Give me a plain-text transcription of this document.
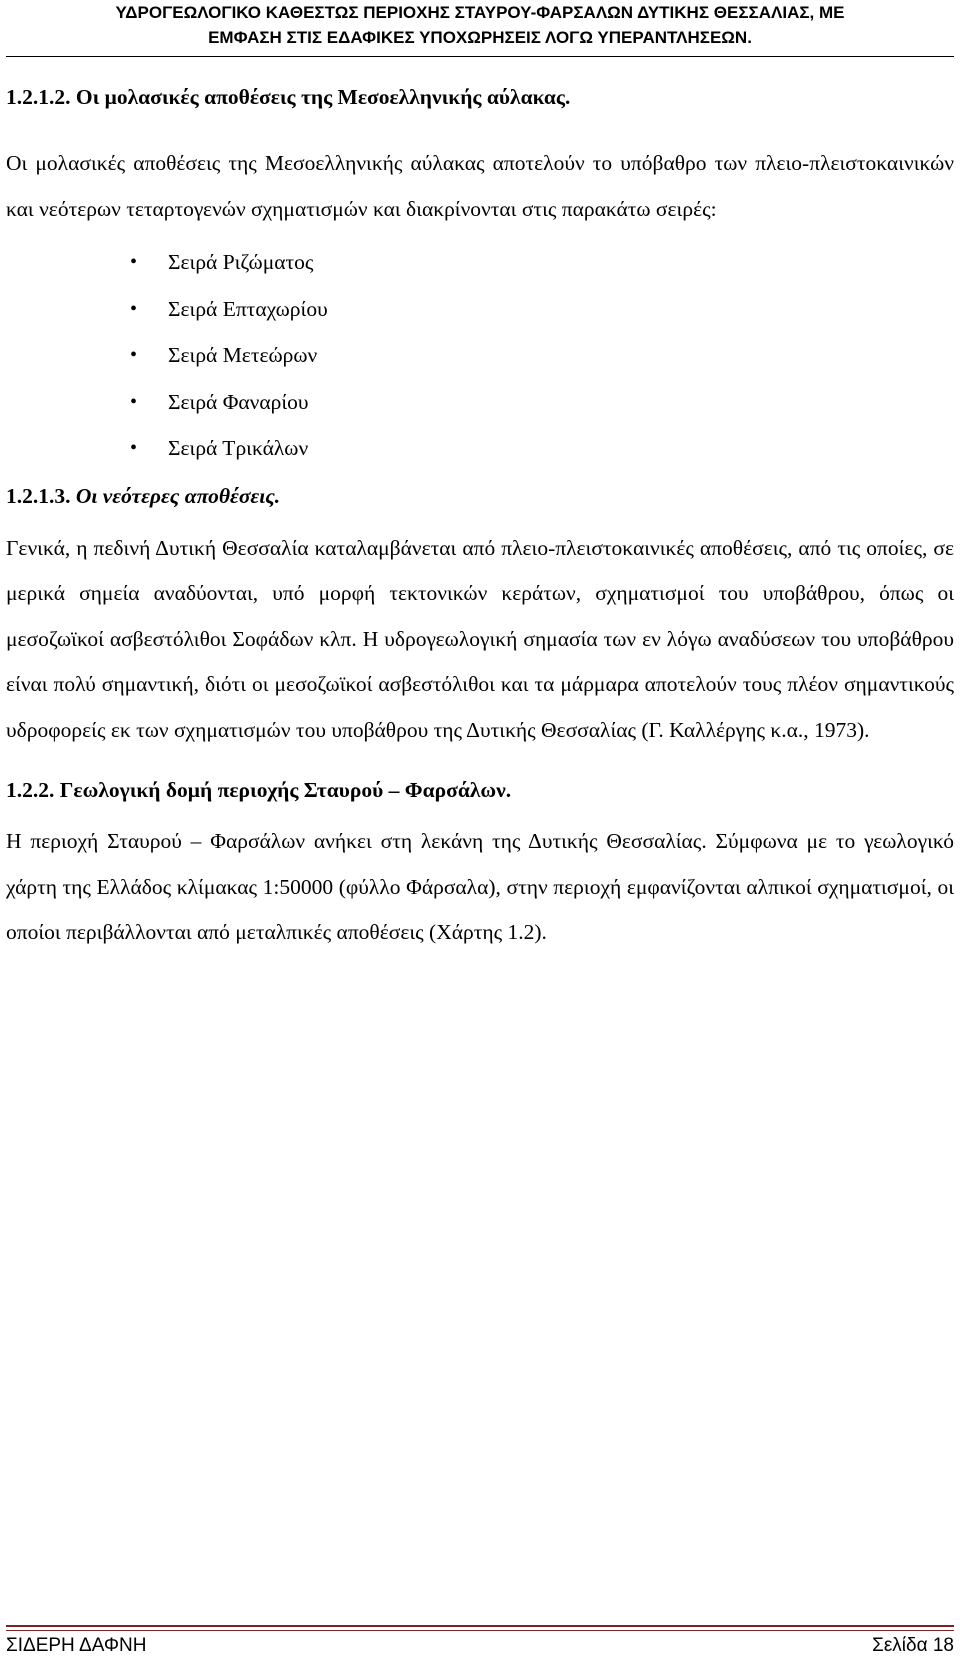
ΥΔΡΟΓΕΩΛΟΓΙΚΟ ΚΑΘΕΣΤΩΣ ΠΕΡΙΟΧΗΣ ΣΤΑΥΡΟΥ-ΦΑΡΣΑΛΩΝ ΔΥΤΙΚΗΣ ΘΕΣΣΑΛΙΑΣ, ΜΕ
ΕΜΦΑΣΗ ΣΤΙΣ ΕΔΑΦΙΚΕΣ ΥΠΟΧΩΡΗΣΕΙΣ ΛΟΓΩ ΥΠΕΡΑΝΤΛΗΣΕΩΝ.
1.2.1.2. Οι μολασικές αποθέσεις της Μεσοελληνικής αύλακας.

Οι μολασικές αποθέσεις της Μεσοελληνικής αύλακας αποτελούν το υπόβαθρο των πλειο-πλειστοκαινικών και νεότερων τεταρτογενών σχηματισμών και διακρίνονται στις παρακάτω σειρές:

• Σειρά Ριζώματος
• Σειρά Επταχωρίου
• Σειρά Μετεώρων
• Σειρά Φαναρίου
• Σειρά Τρικάλων
1.2.1.3. Οι νεότερες αποθέσεις.

Γενικά, η πεδινή Δυτική Θεσσαλία καταλαμβάνεται από πλειο-πλειστοκαινικές αποθέσεις, από τις οποίες, σε μερικά σημεία αναδύονται, υπό μορφή τεκτονικών κεράτων, σχηματισμοί του υποβάθρου, όπως οι μεσοζωϊκοί ασβεστόλιθοι Σοφάδων κλπ. Η υδρογεωλογική σημασία των εν λόγω αναδύσεων του υποβάθρου είναι πολύ σημαντική, διότι οι μεσοζωϊκοί ασβεστόλιθοι και τα μάρμαρα αποτελούν τους πλέον σημαντικούς υδροφορείς εκ των σχηματισμών του υποβάθρου της Δυτικής Θεσσαλίας (Γ. Καλλέργης κ.α., 1973).

1.2.2. Γεωλογική δομή περιοχής Σταυρού – Φαρσάλων.

Η περιοχή Σταυρού – Φαρσάλων ανήκει στη λεκάνη της Δυτικής Θεσσαλίας. Σύμφωνα με το γεωλογικό χάρτη της Ελλάδος κλίμακας 1:50000 (φύλλο Φάρσαλα), στην περιοχή εμφανίζονται αλπικοί σχηματισμοί, οι οποίοι περιβάλλονται από μεταλπικές αποθέσεις (Χάρτης 1.2).

ΣΙΔΕΡΗ ΔΑΦΝΗ	Σελίδα 18
